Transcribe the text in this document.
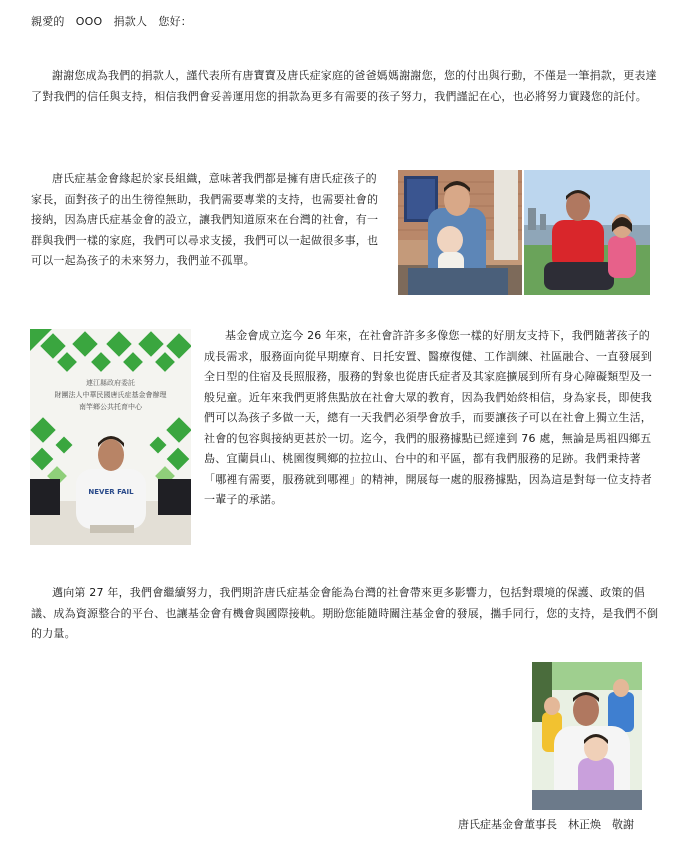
親愛的　OOO　捐款人　您好：

謝謝您成為我們的捐款人，謹代表所有唐寶寶及唐氏症家庭的爸爸媽媽謝謝您，您的付出與行動，不僅是一筆捐款，更表達了對我們的信任與支持，相信我們會妥善運用您的捐款為更多有需要的孩子努力，我們謹記在心，也必將努力實踐您的託付。

唐氏症基金會緣起於家長組織，意味著我們都是擁有唐氏症孩子的家長，面對孩子的出生徬徨無助，我們需要專業的支持，也需要社會的接納，因為唐氏症基金會的設立，讓我們知道原來在台灣的社會，有一群與我們一樣的家庭，我們可以尋求支援，我們可以一起做很多事，也可以一起為孩子的未來努力，我們並不孤單。

連江縣政府委託
財團法人中華民國唐氏症基金會辦理
南竿鄉公共托育中心
NEVER FAIL

基金會成立迄今 26 年來，在社會許許多多像您一樣的好朋友支持下，我們隨著孩子的成長需求，服務面向從早期療育、日托安置、醫療復健、工作訓練、社區融合、一直發展到全日型的住宿及長照服務，服務的對象也從唐氏症者及其家庭擴展到所有身心障礙類型及一般兒童。近年來我們更將焦點放在社會大眾的教育，因為我們始終相信，身為家長，即使我們可以為孩子多做一天，總有一天我們必須學會放手，而要讓孩子可以在社會上獨立生活，社會的包容與接納更甚於一切。迄今，我們的服務據點已經達到 76 處，無論是馬祖四鄉五島、宜蘭員山、桃園復興鄉的拉拉山、台中的和平區，都有我們服務的足跡。我們秉持著「哪裡有需要，服務就到哪裡」的精神，開展每一處的服務據點，因為這是對每一位支持者一輩子的承諾。

邁向第 27 年，我們會繼續努力，我們期許唐氏症基金會能為台灣的社會帶來更多影響力，包括對環境的保護、政策的倡議、成為資源整合的平台、也讓基金會有機會與國際接軌。期盼您能隨時關注基金會的發展，攜手同行，您的支持，是我們不倒的力量。

唐氏症基金會董事長　林正焕　敬謝
